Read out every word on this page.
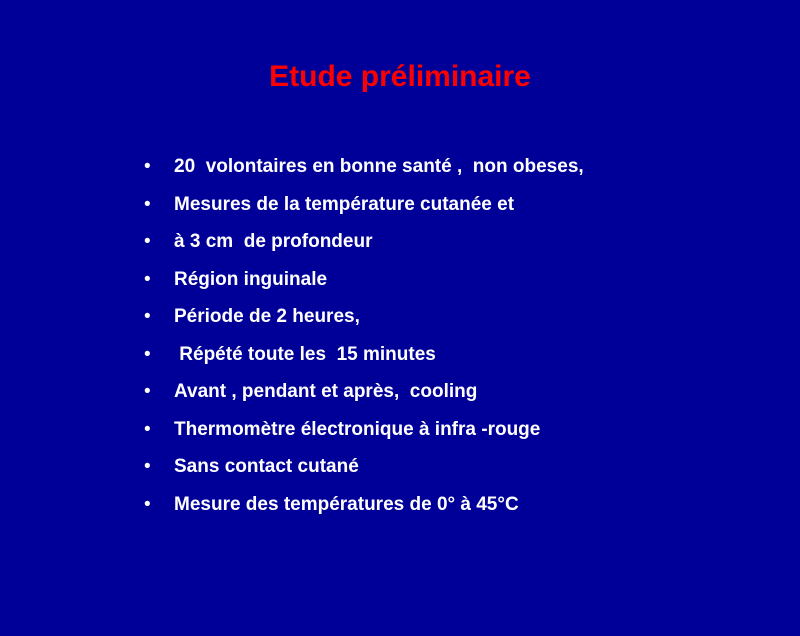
Etude préliminaire

•

20  volontaires en bonne santé ,  non obeses,

•

Mesures de la température cutanée et

•

à 3 cm  de profondeur

•

Région inguinale

•

Période de 2 heures,

•

Répété toute les  15 minutes

•

Avant , pendant et après,  cooling

•

Thermomètre électronique à infra -rouge

•

Sans contact cutané

•

Mesure des températures de 0° à 45°C
